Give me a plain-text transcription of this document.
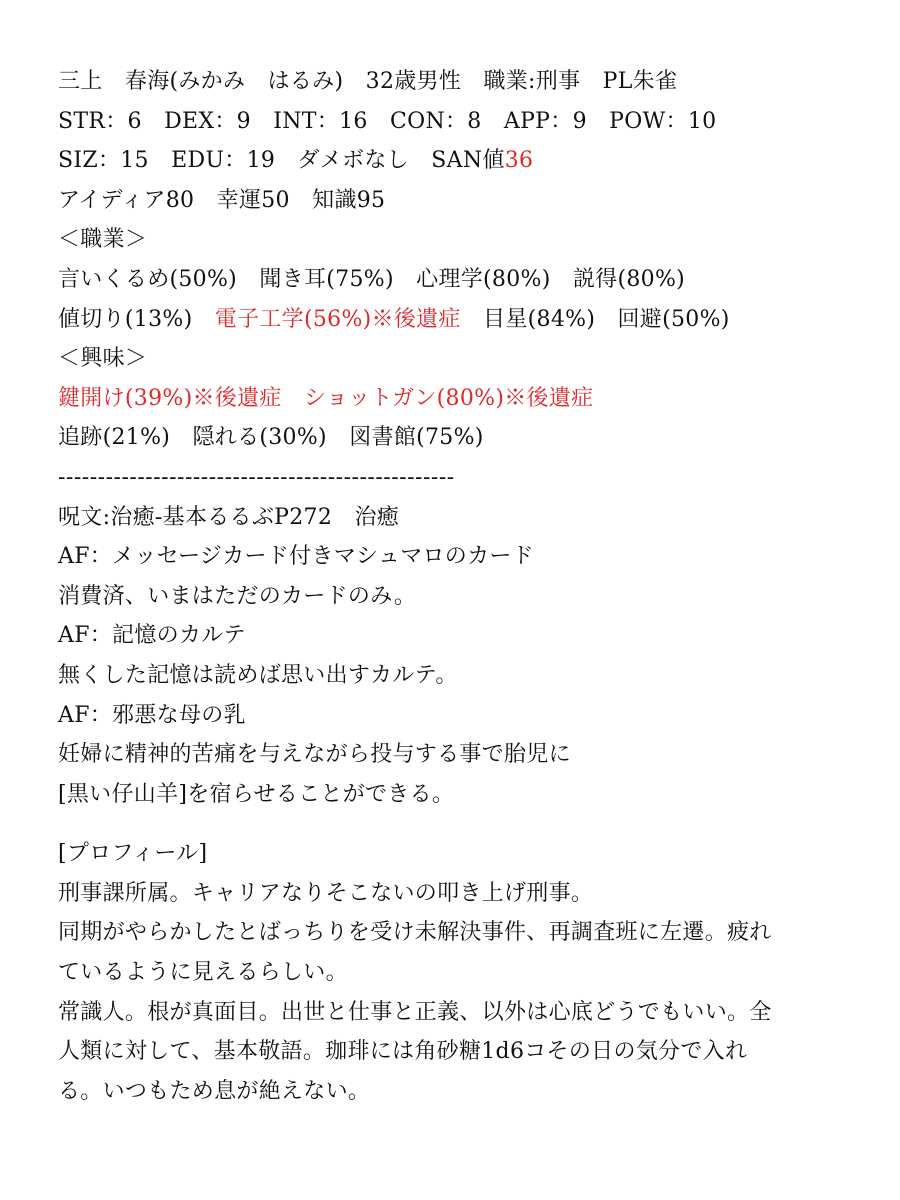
三上　春海(みかみ　はるみ)　32歳男性　職業:刑事　PL朱雀
STR：6　DEX：9　INT：16　CON：8　APP：9　POW：10
SIZ：15　EDU：19　ダメボなし　SAN値36
アイディア80　幸運50　知識95
＜職業＞
言いくるめ(50%)　聞き耳(75%)　心理学(80%)　説得(80%)
値切り(13%)　電子工学(56%)※後遺症　目星(84%)　回避(50%)
＜興味＞
鍵開け(39%)※後遺症　ショットガン(80%)※後遺症
追跡(21%)　隠れる(30%)　図書館(75%)
--------------------------------------------------
呪文:治癒-基本るるぶP272　治癒
AF：メッセージカード付きマシュマロのカード
消費済、いまはただのカードのみ。
AF：記憶のカルテ
無くした記憶は読めば思い出すカルテ。
AF：邪悪な母の乳
妊婦に精神的苦痛を与えながら投与する事で胎児に
[黒い仔山羊]を宿らせることができる。
[プロフィール]
刑事課所属。キャリアなりそこないの叩き上げ刑事。
同期がやらかしたとばっちりを受け未解決事件、再調査班に左遷。疲れ
ているように見えるらしい。
常識人。根が真面目。出世と仕事と正義、以外は心底どうでもいい。全
人類に対して、基本敬語。珈琲には角砂糖1d6コその日の気分で入れ
る。いつもため息が絶えない。
